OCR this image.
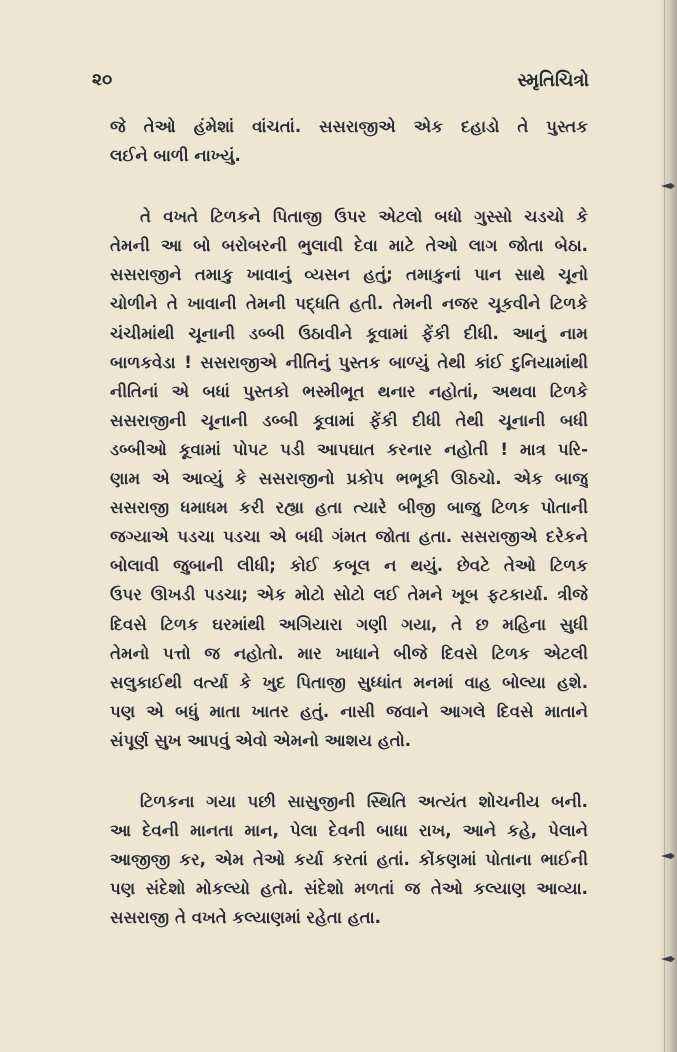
૨૦	સ્મૃતિચિત્રો
જે તેઓ હંમેશાં વાંચતાં. સસરાજીએ એક દહાડો તે પુસ્તક
લઈને બાળી નાખ્યું.
તે વખતે ટિળકને પિતાજી ઉપર એટલો બધો ગુસ્સો ચડચો કે
તેમની આ બો બરોબરની ભુલાવી દેવા માટે તેઓ લાગ જોતા બેઠા.
સસરાજીને તમાકુ ખાવાનું વ્યસન હતું; તમાકુનાં પાન સાથે ચૂનો
ચોળીને તે ખાવાની તેમની પદ્ધતિ હતી. તેમની નજર ચૂકવીને ટિળકે
ચંચીમાંથી ચૂનાની ડબ્બી ઉઠાવીને કૂવામાં ફેંકી દીધી. આનું નામ
બાળકવેડા ! સસરાજીએ નીતિનું પુસ્તક બાળ્યું તેથી કાંઈ દુનિયામાંથી
નીતિનાં એ બધાં પુસ્તકો ભસ્મીભૂત થનાર નહોતાં, અથવા ટિળકે
સસરાજીની ચૂનાની ડબ્બી કૂવામાં ફેંકી દીધી તેથી ચૂનાની બધી
ડબ્બીઓ કૂવામાં પોપટ પડી આપઘાત કરનાર નહોતી ! માત્ર પરિ-
ણામ એ આવ્યું કે સસરાજીનો પ્રકોપ ભભૂકી ઊઠચો. એક બાજુ
સસરાજી ધમાધમ કરી રહ્યા હતા ત્યારે બીજી બાજુ ટિળક પોતાની
જગ્યાએ પડચા પડચા એ બધી ગંમત જોતા હતા. સસરાજીએ દરેકને
બોલાવી જુબાની લીધી; કોઈ કબૂલ ન થયું. છેવટે તેઓ ટિળક
ઉપર ઊખડી પડચા; એક મોટો સોટો લઈ તેમને ખૂબ ફટકાર્યા. ત્રીજે
દિવસે ટિળક ઘરમાંથી અગિયારા ગણી ગયા, તે છ મહિના સુધી
તેમનો પત્તો જ નહોતો. માર ખાધાને બીજે દિવસે ટિળક એટલી
સલુકાઈથી વર્ત્યા કે ખુદ પિતાજી સુધ્ધાંત મનમાં વાહ બોલ્યા હશે.
પણ એ બધું માતા ખાતર હતું. નાસી જવાને આગલે દિવસે માતાને
સંપૂર્ણ સુખ આપવું એવો એમનો આશય હતો.
ટિળકના ગયા પછી સાસુજીની સ્થિતિ અત્યંત શોચનીય બની.
આ દેવની માનતા માન, પેલા દેવની બાધા રાખ, આને કહે, પેલાને
આજીજી કર, એમ તેઓ કર્યા કરતાં હતાં. કોંકણમાં પોતાના ભાઈની
પણ સંદેશો મોકલ્યો હતો. સંદેશો મળતાં જ તેઓ કલ્યાણ આવ્યા.
સસરાજી તે વખતે કલ્યાણમાં રહેતા હતા.
